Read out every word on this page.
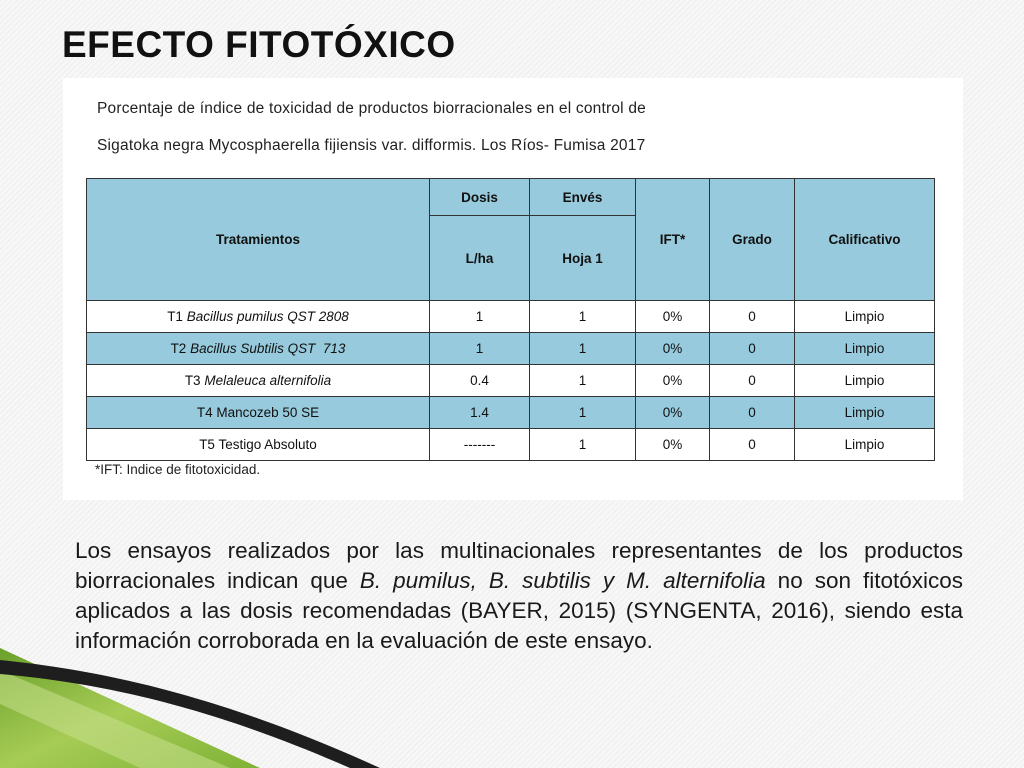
EFECTO FITOTÓXICO
Porcentaje de índice de toxicidad de productos biorracionales en el control de
Sigatoka negra Mycosphaerella fijiensis var. difformis. Los Ríos- Fumisa 2017
Tratamientos	Dosis	Envés	IFT*	Grado	Calificativo
	L/ha	Hoja 1			
T1 Bacillus pumilus QST 2808	1	1	0%	0	Limpio
T2 Bacillus Subtilis QST  713	1	1	0%	0	Limpio
T3 Melaleuca alternifolia	0.4	1	0%	0	Limpio
T4 Mancozeb 50 SE	1.4	1	0%	0	Limpio
T5 Testigo Absoluto	-------	1	0%	0	Limpio
*IFT: Indice de fitotoxicidad.

Los ensayos realizados por las multinacionales representantes de los productos biorracionales indican que B. pumilus, B. subtilis y M. alternifolia no son fitotóxicos aplicados a las dosis recomendadas (BAYER, 2015) (SYNGENTA, 2016), siendo esta información corroborada en la evaluación de este ensayo.
